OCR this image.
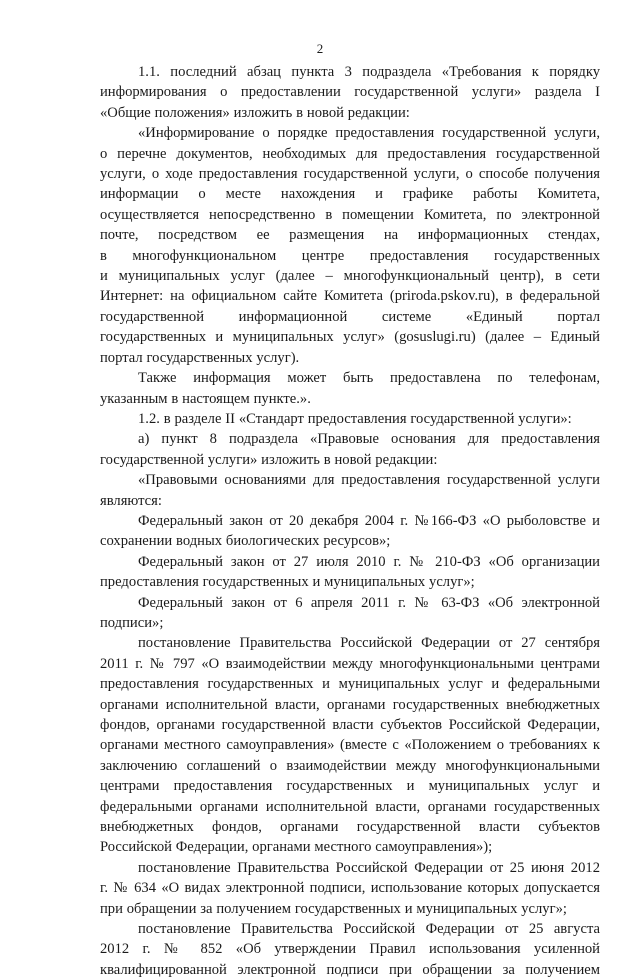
2

1.1. последний абзац пункта 3 подраздела «Требования к порядку

информирования о предоставлении государственной услуги» раздела I

«Общие положения» изложить в новой редакции:

«Информирование о порядке предоставления государственной услуги,

о перечне документов, необходимых для предоставления государственной

услуги, о ходе предоставления государственной услуги, о способе получения

информации о месте нахождения и графике работы Комитета,

осуществляется непосредственно в помещении Комитета, по электронной

почте, посредством ее размещения на информационных стендах,

в многофункциональном центре предоставления государственных

и муниципальных услуг (далее – многофункциональный центр), в сети

Интернет: на официальном сайте Комитета (priroda.pskov.ru), в федеральной

государственной информационной системе «Единый портал

государственных и муниципальных услуг» (gosuslugi.ru) (далее – Единый

портал государственных услуг).

Также информация может быть предоставлена по телефонам,

указанным в настоящем пункте.».

1.2. в разделе II «Стандарт предоставления государственной услуги»:

а) пункт 8 подраздела «Правовые основания для предоставления

государственной услуги» изложить в новой редакции:

«Правовыми основаниями для предоставления государственной услуги

являются:

Федеральный закон от 20 декабря 2004 г. №166-ФЗ «О рыболовстве и

сохранении водных биологических ресурсов»;

Федеральный закон от 27 июля 2010 г. № 210-ФЗ «Об организации

предоставления государственных и муниципальных услуг»;

Федеральный закон от 6 апреля 2011 г. № 63-ФЗ «Об электронной

подписи»;

постановление Правительства Российской Федерации от 27 сентября

2011 г. № 797 «О взаимодействии между многофункциональными центрами

предоставления государственных и муниципальных услуг и федеральными

органами исполнительной власти, органами государственных внебюджетных

фондов, органами государственной власти субъектов Российской Федерации,

органами местного самоуправления» (вместе с «Положением о требованиях к

заключению соглашений о взаимодействии между многофункциональными

центрами предоставления государственных и муниципальных услуг и

федеральными органами исполнительной власти, органами государственных

внебюджетных фондов, органами государственной власти субъектов

Российской Федерации, органами местного самоуправления»);

постановление Правительства Российской Федерации от 25 июня 2012

г. № 634 «О видах электронной подписи, использование которых допускается

при обращении за получением государственных и муниципальных услуг»;

постановление Правительства Российской Федерации от 25 августа

2012 г. № 852 «Об утверждении Правил использования усиленной

квалифицированной электронной подписи при обращении за получением
